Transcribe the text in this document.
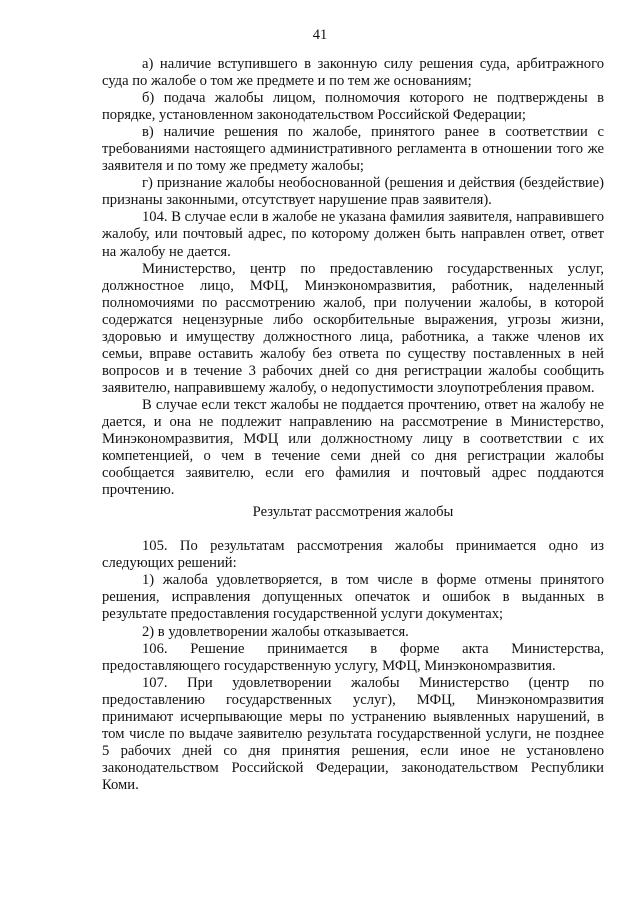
41

а) наличие вступившего в законную силу решения суда, арбитражного суда по жалобе о том же предмете и по тем же основаниям;

б) подача жалобы лицом, полномочия которого не подтверждены в порядке, установленном законодательством Российской Федерации;

в) наличие решения по жалобе, принятого ранее в соответствии с требованиями настоящего административного регламента в отношении того же заявителя и по тому же предмету жалобы;

г) признание жалобы необоснованной (решения и действия (бездействие) признаны законными, отсутствует нарушение прав заявителя).

104. В случае если в жалобе не указана фамилия заявителя, направившего жалобу, или почтовый адрес, по которому должен быть направлен ответ, ответ на жалобу не дается.

Министерство, центр по предоставлению государственных услуг, должностное лицо, МФЦ, Минэкономразвития, работник, наделенный полномочиями по рассмотрению жалоб, при получении жалобы, в которой содержатся нецензурные либо оскорбительные выражения, угрозы жизни, здоровью и имуществу должностного лица, работника, а также членов их семьи, вправе оставить жалобу без ответа по существу поставленных в ней вопросов и в течение 3 рабочих дней со дня регистрации жалобы сообщить заявителю, направившему жалобу, о недопустимости злоупотребления правом.

В случае если текст жалобы не поддается прочтению, ответ на жалобу не дается, и она не подлежит направлению на рассмотрение в Министерство, Минэкономразвития, МФЦ или должностному лицу в соответствии с их компетенцией, о чем в течение семи дней со дня регистрации жалобы сообщается заявителю, если его фамилия и почтовый адрес поддаются прочтению.

Результат рассмотрения жалобы

105. По результатам рассмотрения жалобы принимается одно из следующих решений:

1) жалоба удовлетворяется, в том числе в форме отмены принятого решения, исправления допущенных опечаток и ошибок в выданных в результате предоставления государственной услуги документах;

2) в удовлетворении жалобы отказывается.

106. Решение принимается в форме акта Министерства, предоставляющего государственную услугу, МФЦ, Минэкономразвития.

107. При удовлетворении жалобы Министерство (центр по предоставлению государственных услуг), МФЦ, Минэкономразвития принимают исчерпывающие меры по устранению выявленных нарушений, в том числе по выдаче заявителю результата государственной услуги, не позднее 5 рабочих дней со дня принятия решения, если иное не установлено законодательством Российской Федерации, законодательством Республики Коми.
